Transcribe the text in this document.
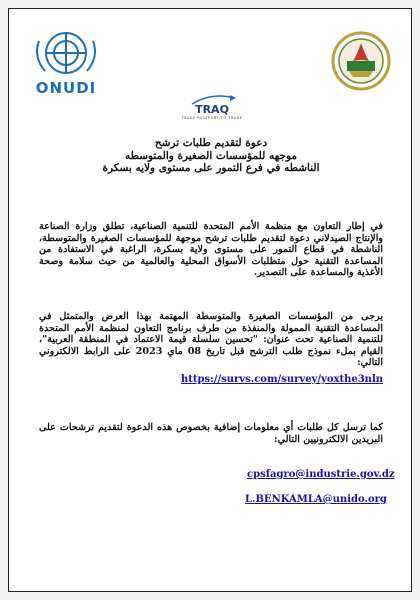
ONUDI
TRAQ
TRADE PASSPORT TO TRADE
دعوة لتقديم طلبات ترشح
موجهه للمؤسسات الصغيرة والمتوسطه
الناشطه في فرع التمور على مستوى ولايه بسكرة
في إطار التعاون مع منظمة الأمم المتحدة للتنمية الصناعية، تطلق وزارة الصناعة والإنتاج الصيدلاني دعوة لتقديم طلبات ترشح موجهة للمؤسسات الصغيرة والمتوسطة، الناشطة في قطاع التمور على مستوى ولاية بسكرة، الراغبة في الاستفادة من المساعدة التقنية حول متطلبات الأسواق المحلية والعالمية من حيث سلامة وصحة الأغذية والمساعدة على التصدير.
يرجى من المؤسسات الصغيرة والمتوسطة المهتمة بهذا العرض والمتمثل في المساعدة التقنية الممولة والمنفذة من طرف برنامج التعاون لمنظمة الأمم المتحدة للتنمية الصناعية تحت عنوان: "تحسين سلسلة قيمة الاعتماد في المنطقة العربية"، القيام بملء نموذج طلب الترشح قبل تاريخ 08 ماي 2023 على الرابط الالكتروني التالي:
https://survs.com/survey/yoxthe3nln
كما ترسل كل طلبات أي معلومات إضافية بخصوص هذه الدعوة لتقديم ترشحات على البريدين الالكترونيين التالي:
cpsfagro@industrie.gov.dz
L.BENKAMLA@unido.org
